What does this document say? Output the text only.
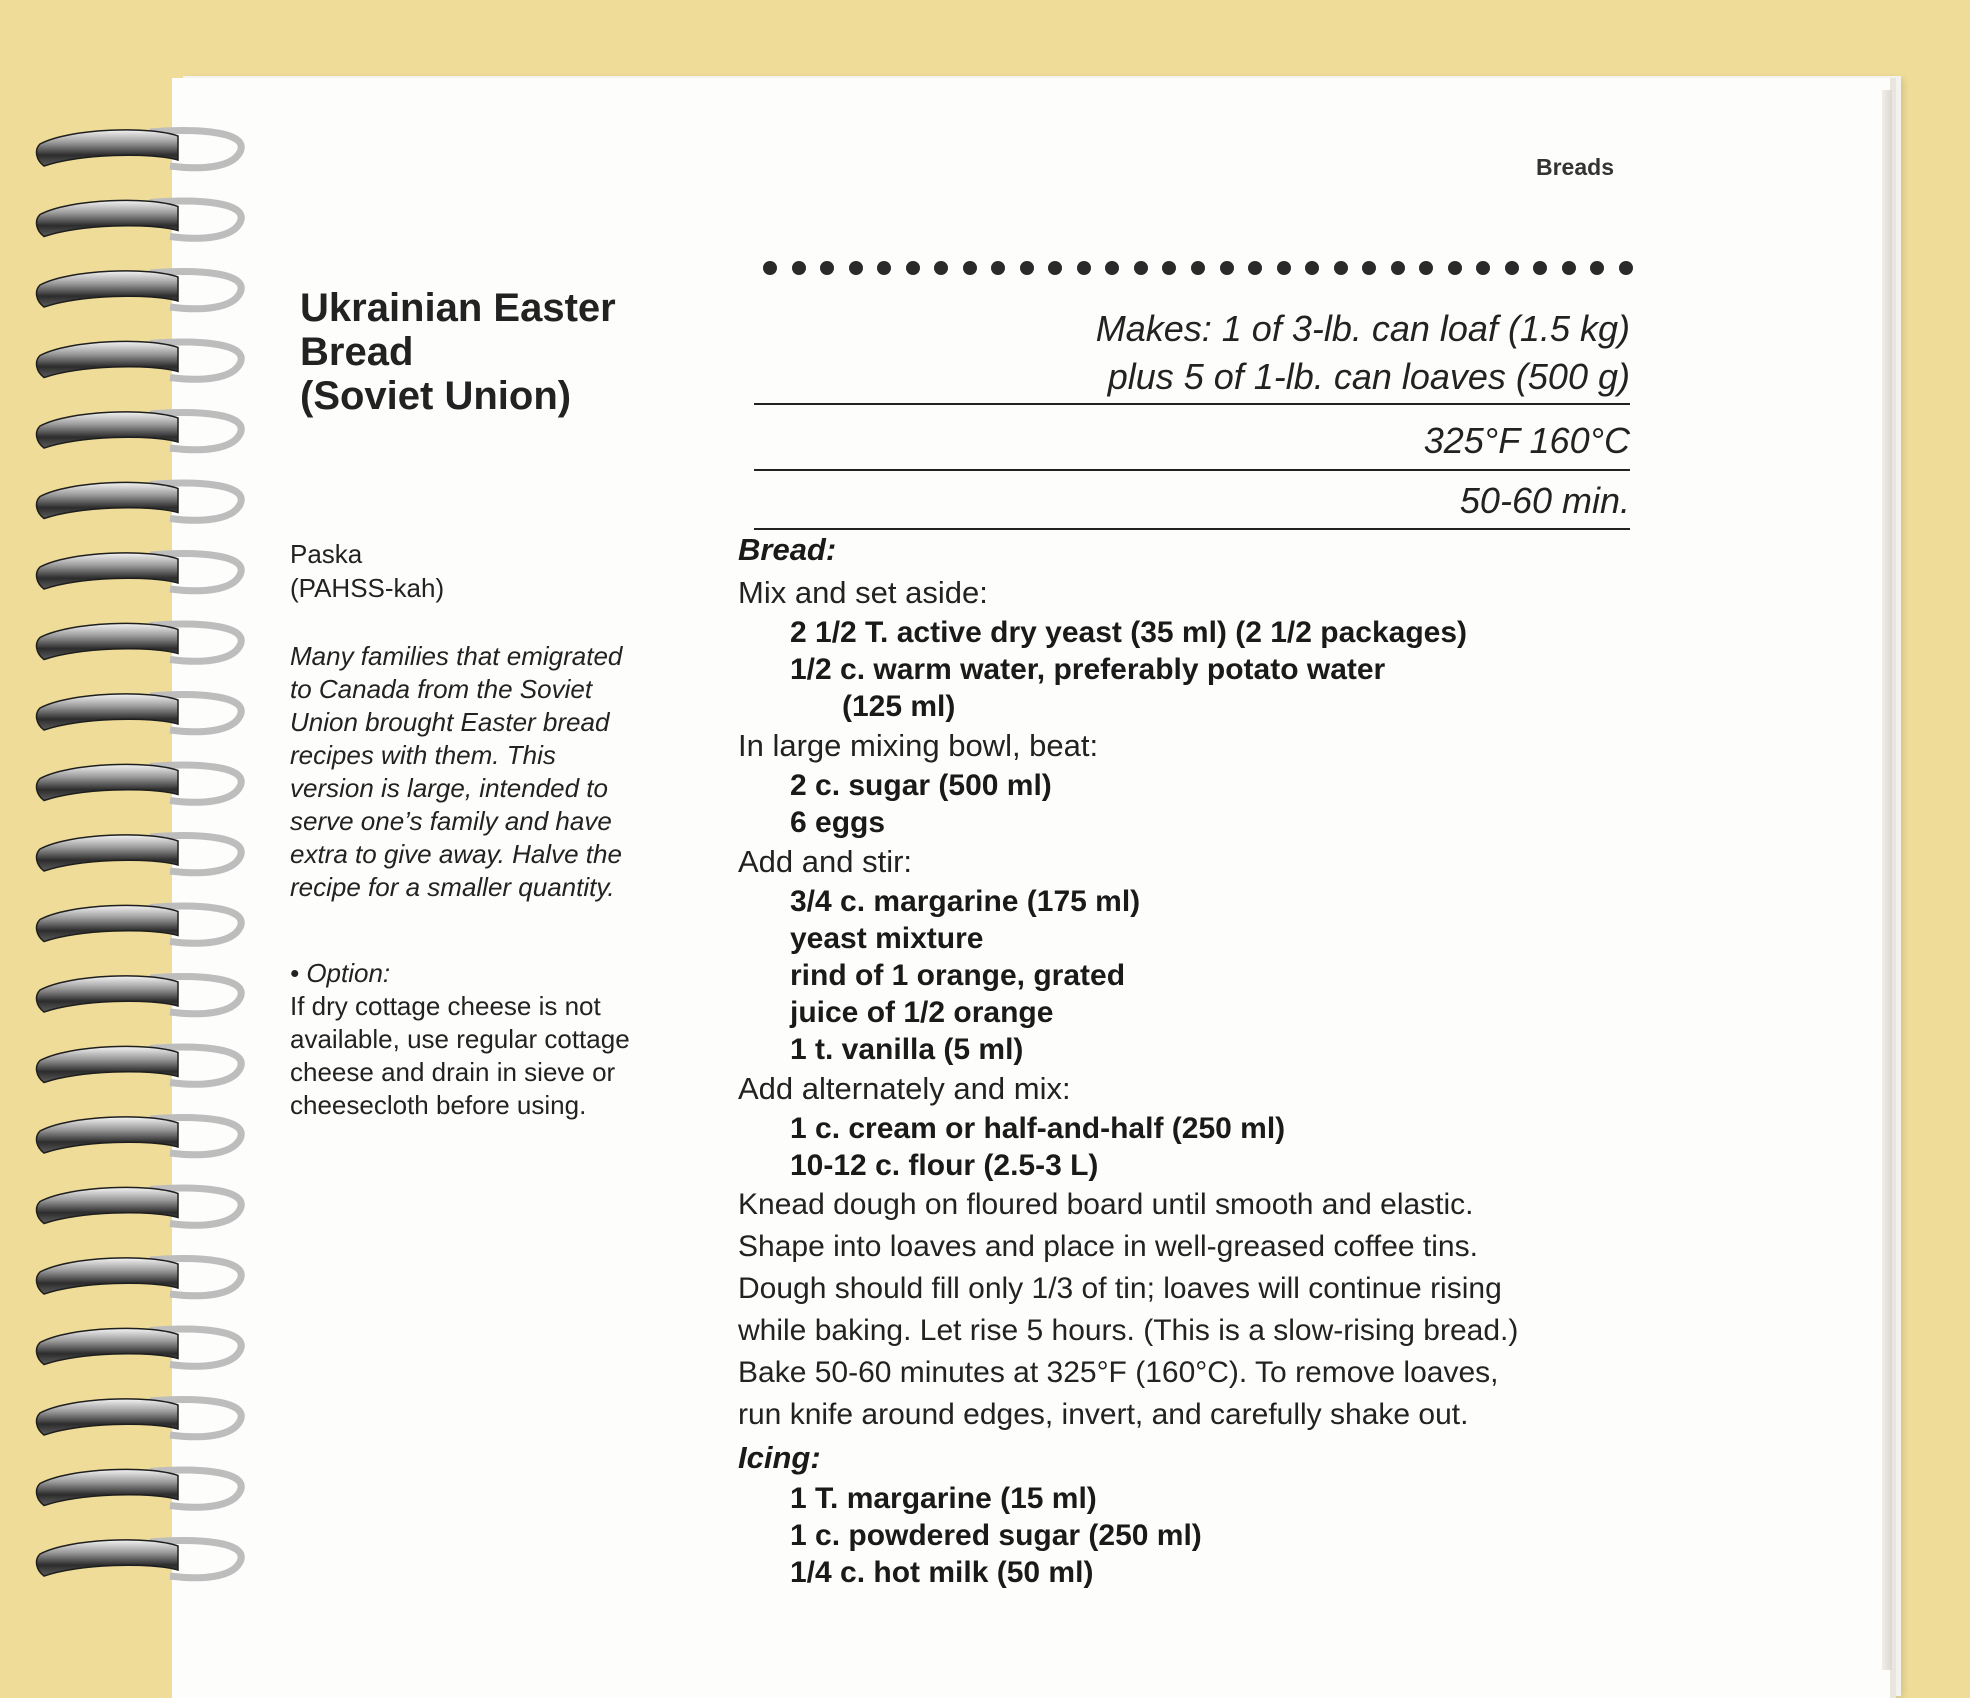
Breads
Ukrainian Easter
Bread
(Soviet Union)
Makes: 1 of 3-lb. can loaf (1.5 kg)
plus 5 of 1-lb. can loaves (500 g)
325°F 160°C
50-60 min.
Paska
(PAHSS-kah)
Many families that emigrated
to Canada from the Soviet
Union brought Easter bread
recipes with them. This
version is large, intended to
serve one’s family and have
extra to give away. Halve the
recipe for a smaller quantity.
• Option:
If dry cottage cheese is not
available, use regular cottage
cheese and drain in sieve or
cheesecloth before using.
Bread:
Mix and set aside:
2 1/2 T. active dry yeast (35 ml) (2 1/2 packages)
1/2 c. warm water, preferably potato water
(125 ml)
In large mixing bowl, beat:
2 c. sugar (500 ml)
6 eggs
Add and stir:
3/4 c. margarine (175 ml)
yeast mixture
rind of 1 orange, grated
juice of 1/2 orange
1 t. vanilla (5 ml)
Add alternately and mix:
1 c. cream or half-and-half (250 ml)
10-12 c. flour (2.5-3 L)
Knead dough on floured board until smooth and elastic.
Shape into loaves and place in well-greased coffee tins.
Dough should fill only 1/3 of tin; loaves will continue rising
while baking. Let rise 5 hours. (This is a slow-rising bread.)
Bake 50-60 minutes at 325°F (160°C). To remove loaves,
run knife around edges, invert, and carefully shake out.
Icing:
1 T. margarine (15 ml)
1 c. powdered sugar (250 ml)
1/4 c. hot milk (50 ml)
